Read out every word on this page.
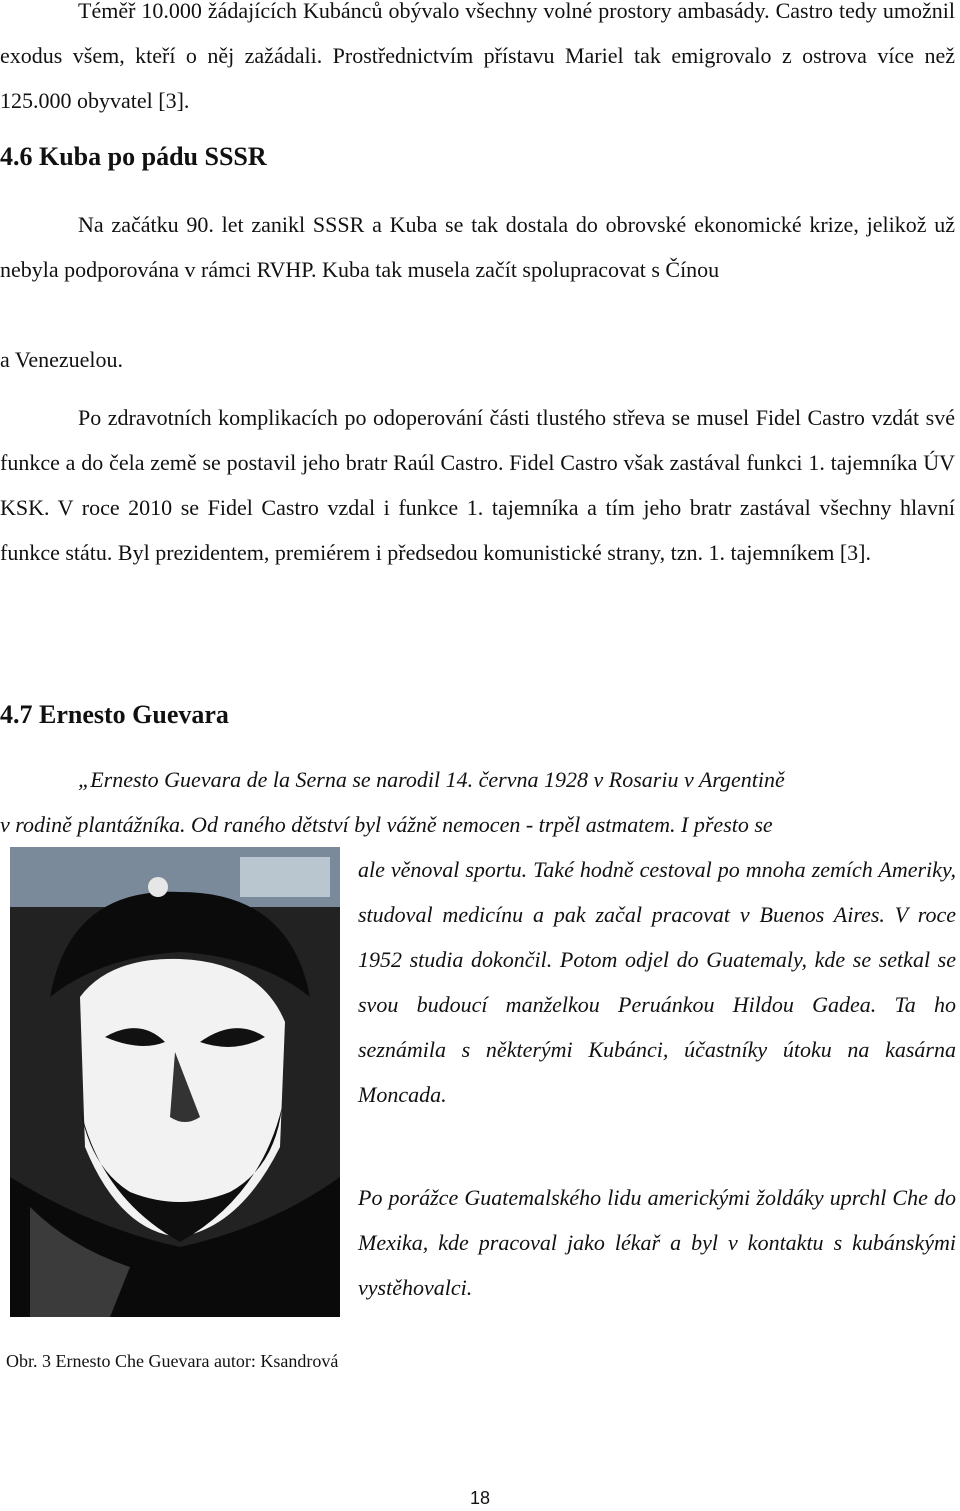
Téměř 10.000 žádajících Kubánců obývalo všechny volné prostory ambasády. Castro tedy umožnil exodus všem, kteří o něj zažádali. Prostřednictvím přístavu Mariel tak emigrovalo z ostrova více než 125.000 obyvatel [3].

4.6 Kuba po pádu SSSR

Na začátku 90. let zanikl SSSR a Kuba se tak dostala do obrovské ekonomické krize, jelikož už nebyla podporována v rámci RVHP. Kuba tak musela začít spolupracovat s Čínou

a Venezuelou.

Po zdravotních komplikacích po odoperování části tlustého střeva se musel Fidel Castro vzdát své funkce a do čela země se postavil jeho bratr Raúl Castro. Fidel Castro však zastával funkci 1. tajemníka ÚV KSK. V roce 2010 se Fidel Castro vzdal i funkce 1. tajemníka a tím jeho bratr zastával všechny hlavní funkce státu. Byl prezidentem, premiérem i předsedou komunistické strany, tzn. 1. tajemníkem [3].

4.7 Ernesto Guevara

„Ernesto Guevara de la Serna se narodil 14. června 1928 v Rosariu v Argentině

v rodině plantážníka. Od raného dětství byl vážně nemocen - trpěl astmatem. I přesto se

ale věnoval sportu. Také hodně cestoval po mnoha zemích Ameriky, studoval medicínu a pak začal pracovat v Buenos Aires. V roce 1952 studia dokončil. Potom odjel do Guatemaly, kde se setkal se svou budoucí manželkou Peruánkou Hildou Gadea. Ta ho seznámila s některými Kubánci, účastníky útoku na kasárna Moncada.

Po porážce Guatemalského lidu americkými žoldáky uprchl Che do Mexika, kde pracoval jako lékař a byl v kontaktu s kubánskými vystěhovalci.

Obr. 3 Ernesto Che Guevara autor: Ksandrová
18
